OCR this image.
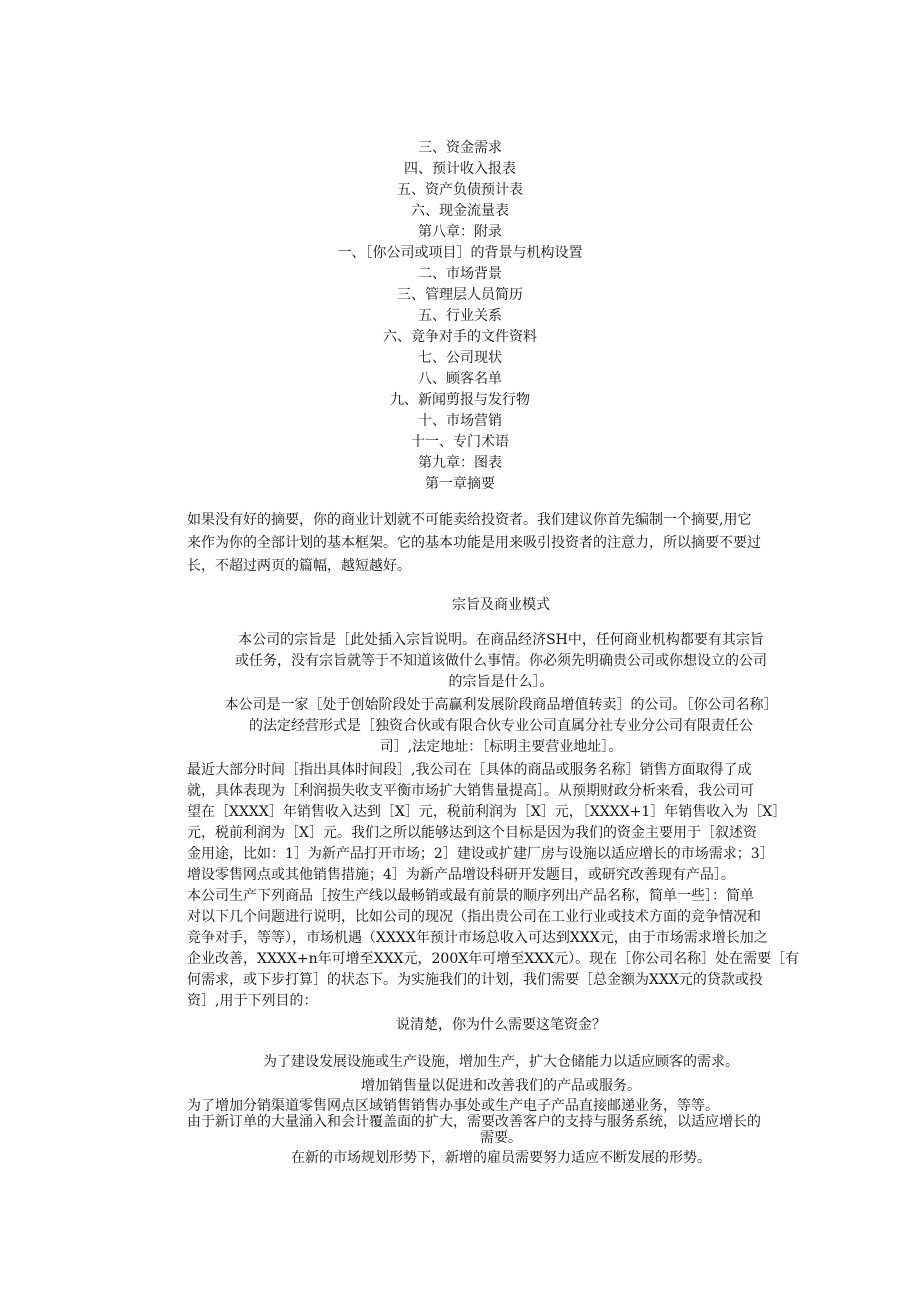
三、资金需求
四、预计收入报表
五、资产负债预计表
六、现金流量表
第八章：附录
一、［你公司或项目］的背景与机构设置
二、市场背景
三、管理层人员简历
五、行业关系
六、竞争对手的文件资料
七、公司现状
八、顾客名单
九、新闻剪报与发行物
十、市场营销
十一、专门术语
第九章：图表
第一章摘要
如果没有好的摘要，你的商业计划就不可能卖给投资者。我们建议你首先编制一个摘要,用它
来作为你的全部计划的基本框架。它的基本功能是用来吸引投资者的注意力，所以摘要不要过
长，不超过两页的篇幅，越短越好。

宗旨及商业模式

本公司的宗旨是［此处插入宗旨说明。在商品经济SH中，任何商业机构都要有其宗旨
或任务，没有宗旨就等于不知道该做什么事情。你必须先明确贵公司或你想设立的公司
的宗旨是什么］。
本公司是一家［处于创始阶段处于高赢利发展阶段商品增值转卖］的公司。［你公司名称］
的法定经营形式是［独资合伙或有限合伙专业公司直属分社专业分公司有限责任公
司］,法定地址：［标明主要营业地址］。
最近大部分时间［指出具体时间段］,我公司在［具体的商品或服务名称］销售方面取得了成
就，具体表现为［利润损失收支平衡市场扩大销售量提高］。从预期财政分析来看，我公司可
望在［XXXX］年销售收入达到［X］元，税前利润为［X］元，［XXXX+1］年销售收入为［X］
元，税前利润为［X］元。我们之所以能够达到这个目标是因为我们的资金主要用于［叙述资
金用途，比如：1］为新产品打开市场；2］建设或扩建厂房与设施以适应增长的市场需求；3］
增设零售网点或其他销售措施；4］为新产品增设科研开发题目，或研究改善现有产品］。
本公司生产下列商品［按生产线以最畅销或最有前景的顺序列出产品名称，简单一些］：简单
对以下几个问题进行说明，比如公司的现况（指出贵公司在工业行业或技术方面的竞争情况和
竞争对手，等等），市场机遇（XXXX年预计市场总收入可达到XXX元，由于市场需求增长加之
企业改善，XXXX+n年可增至XXX元，200X年可增至XXX元）。现在［你公司名称］处在需要［有
何需求，或下步打算］的状态下。为实施我们的计划，我们需要［总金额为XXX元的贷款或投
资］,用于下列目的：

说清楚，你为什么需要这笔资金？

为了建设发展设施或生产设施，增加生产，扩大仓储能力以适应顾客的需求。

增加销售量以促进和改善我们的产品或服务。

为了增加分销渠道零售网点区域销售销售办事处或生产电子产品直接邮递业务，等等。
由于新订单的大量涌入和会计覆盖面的扩大，需要改善客户的支持与服务系统，以适应增长的
需要。

在新的市场规划形势下，新增的雇员需要努力适应不断发展的形势。
